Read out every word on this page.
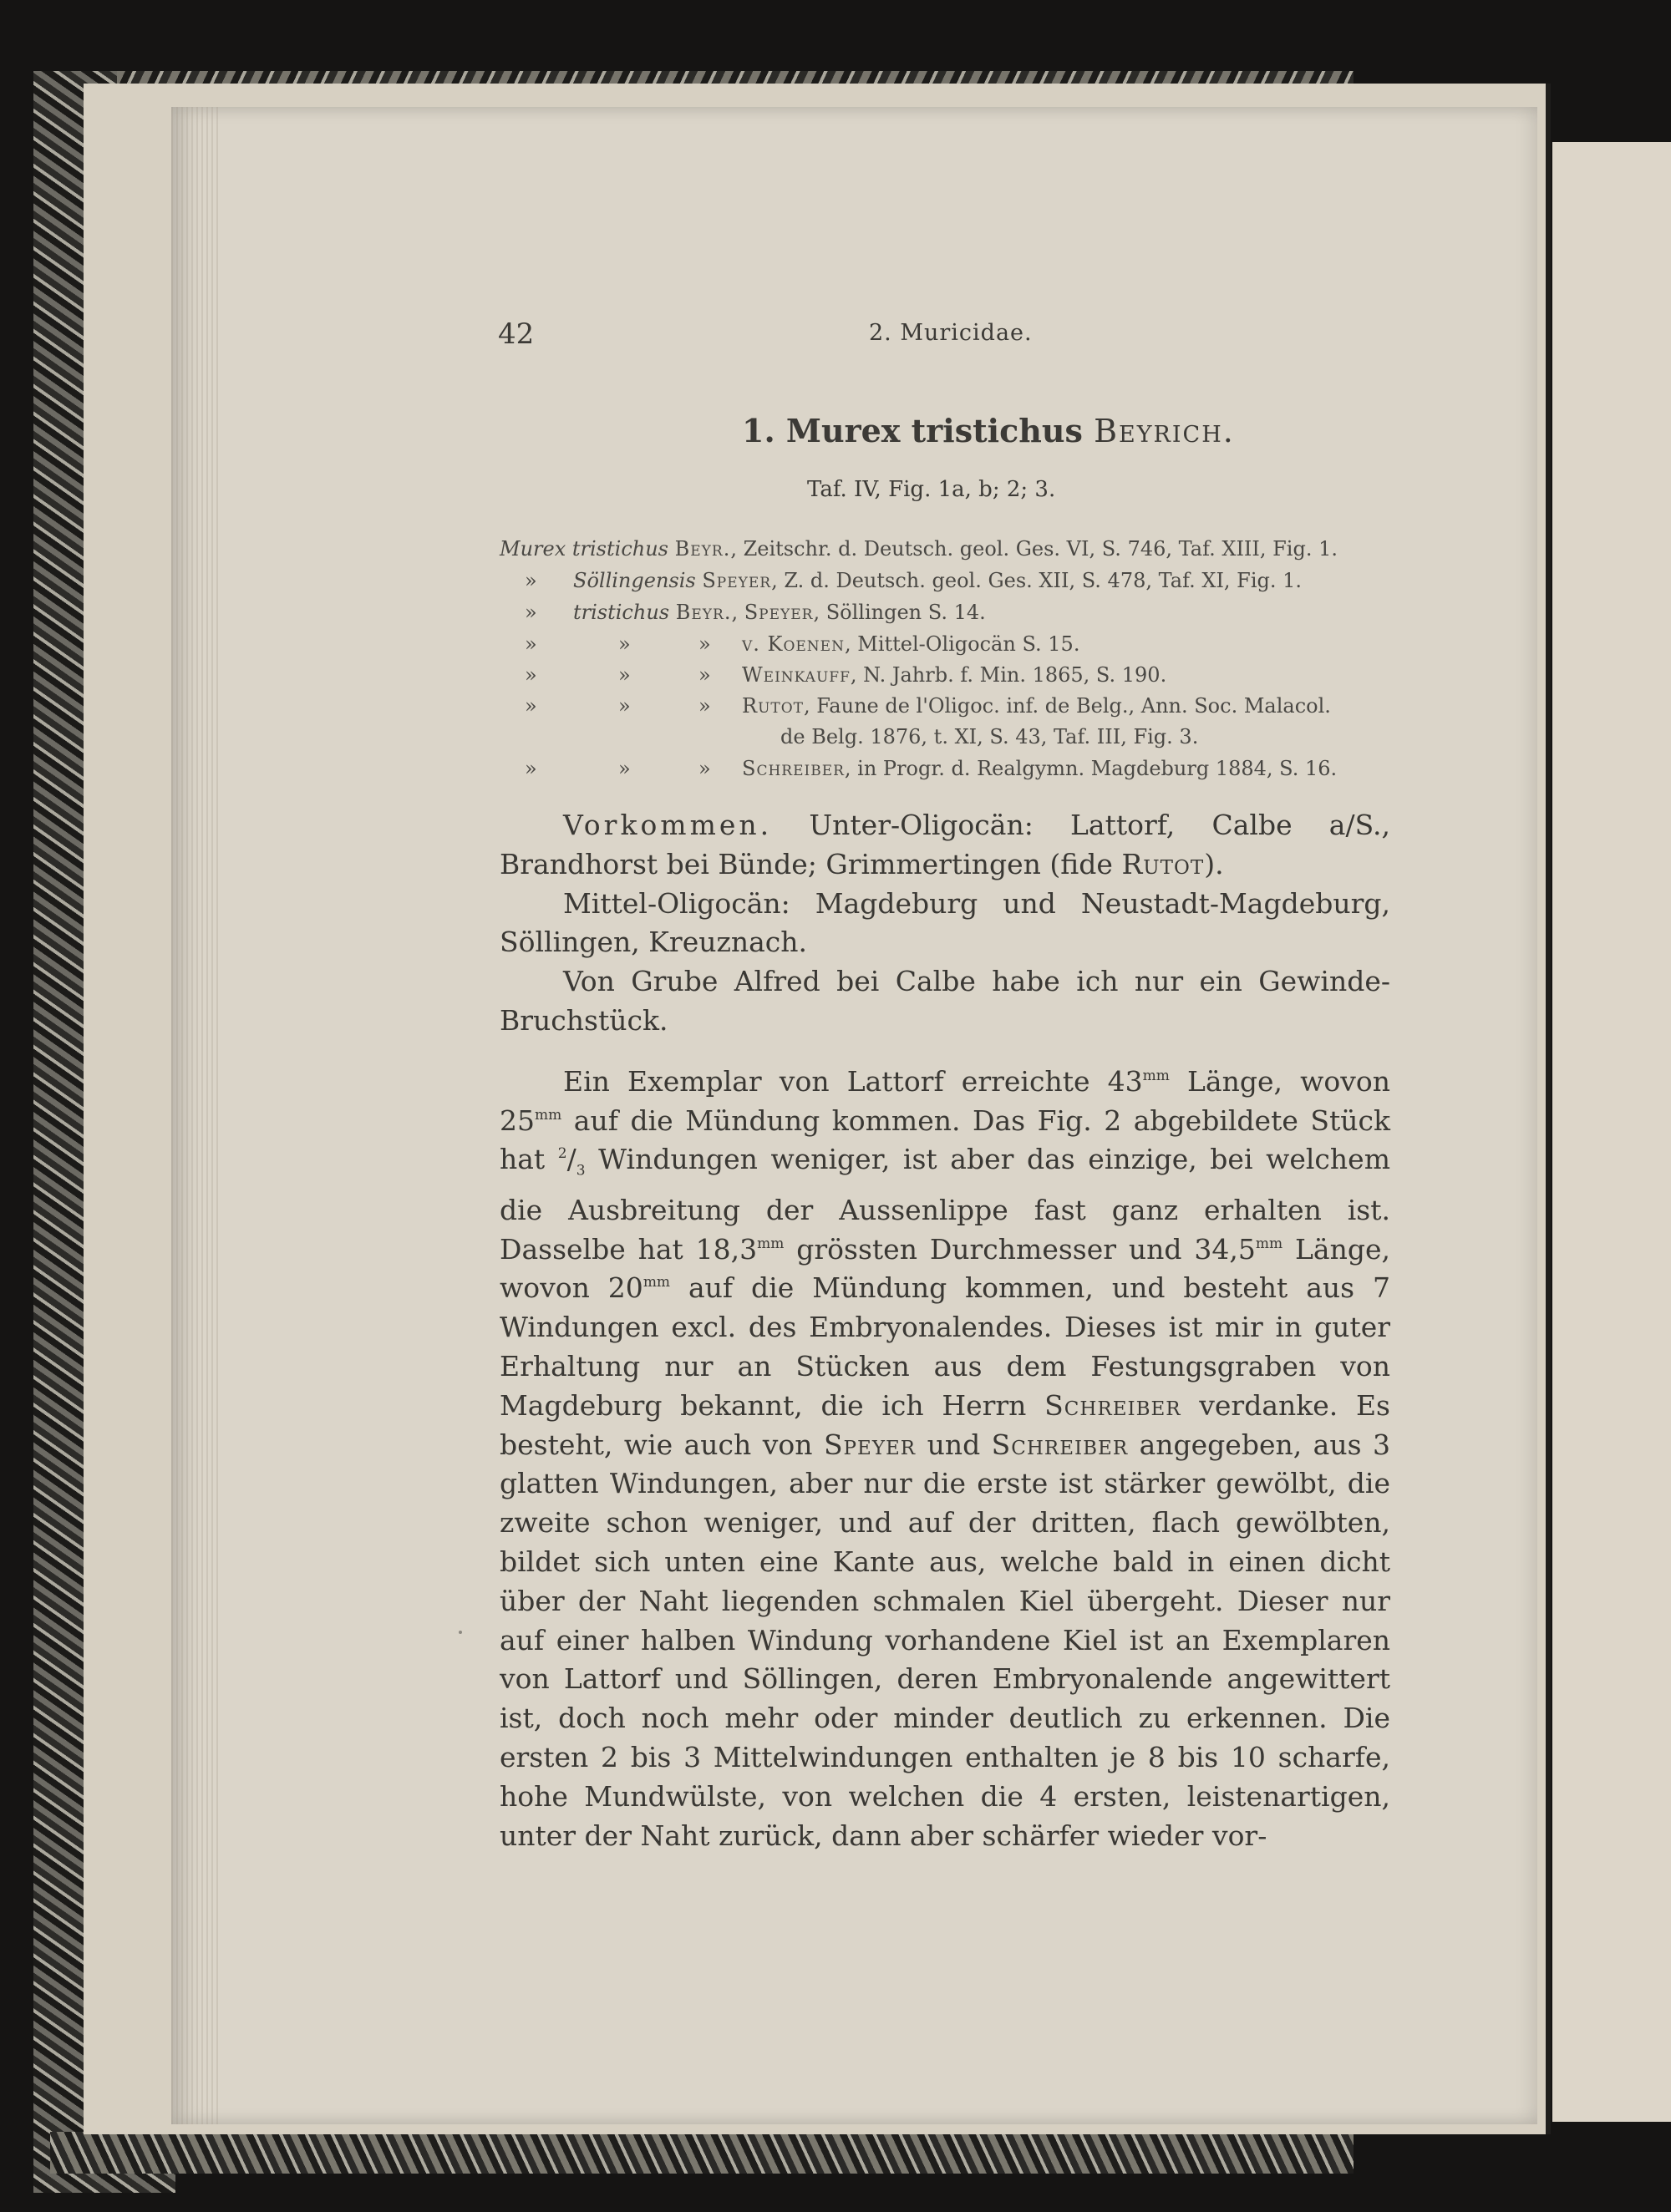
42	2. Muricidae.
1. Murex tristichus Beyrich.
Taf. IV, Fig. 1a, b; 2; 3.
Murex tristichus Beyr., Zeitschr. d. Deutsch. geol. Ges. VI, S. 746, Taf. XIII, Fig. 1.
» Söllingensis Speyer, Z. d. Deutsch. geol. Ges. XII, S. 478, Taf. XI, Fig. 1.
» tristichus Beyr., Speyer, Söllingen S. 14.
»	»	» v. Koenen, Mittel-Oligocän S. 15.
»	»	» Weinkauff, N. Jahrb. f. Min. 1865, S. 190.
»	»	» Rutot, Faune de l'Oligoc. inf. de Belg., Ann. Soc. Malacol.
de Belg. 1876, t. XI, S. 43, Taf. III, Fig. 3.
»	»	» Schreiber, in Progr. d. Realgymn. Magdeburg 1884, S. 16.

Vorkommen. Unter-Oligocän: Lattorf, Calbe a/S., Brandhorst bei Bünde; Grimmertingen (fide Rutot).

Mittel-Oligocän: Magdeburg und Neustadt-Magdeburg, Söllingen, Kreuznach.

Von Grube Alfred bei Calbe habe ich nur ein Gewinde-Bruchstück.

Ein Exemplar von Lattorf erreichte $43^{mm}$ Länge, wovon $25^{mm}$ auf die Mündung kommen. Das Fig. 2 abgebildete Stück hat $^2/_3$ Windungen weniger, ist aber das einzige, bei welchem die Ausbreitung der Aussenlippe fast ganz erhalten ist. Dasselbe hat $18,3^{mm}$ grössten Durchmesser und $34,5^{mm}$ Länge, wovon $20^{mm}$ auf die Mündung kommen, und besteht aus 7 Windungen excl. des Embryonalendes. Dieses ist mir in guter Erhaltung nur an Stücken aus dem Festungsgraben von Magdeburg bekannt, die ich Herrn Schreiber verdanke. Es besteht, wie auch von Speyer und Schreiber angegeben, aus 3 glatten Windungen, aber nur die erste ist stärker gewölbt, die zweite schon weniger, und auf der dritten, flach gewölbten, bildet sich unten eine Kante aus, welche bald in einen dicht über der Naht liegenden schmalen Kiel übergeht. Dieser nur auf einer halben Windung vorhandene Kiel ist an Exemplaren von Lattorf und Söllingen, deren Embryonalende angewittert ist, doch noch mehr oder minder deutlich zu erkennen. Die ersten 2 bis 3 Mittelwindungen enthalten je 8 bis 10 scharfe, hohe Mundwülste, von welchen die 4 ersten, leistenartigen, unter der Naht zurück, dann aber schärfer wieder vor-
